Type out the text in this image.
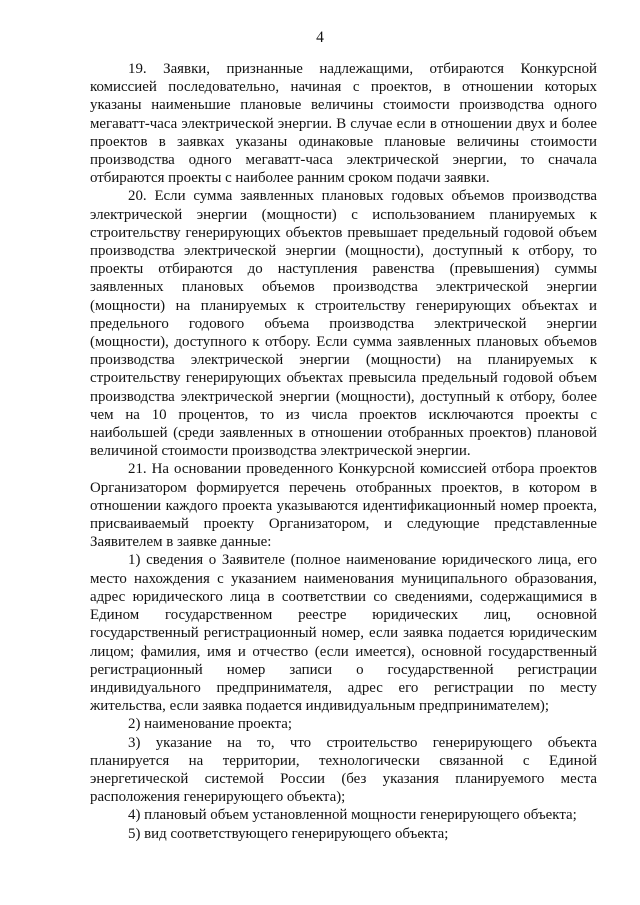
4

19. Заявки, признанные надлежащими, отбираются Конкурсной комиссией последовательно, начиная с проектов, в отношении которых указаны наименьшие плановые величины стоимости производства одного мегаватт-часа электрической энергии. В случае если в отношении двух и более проектов в заявках указаны одинаковые плановые величины стоимости производства одного мегаватт-часа электрической энергии, то сначала отбираются проекты с наиболее ранним сроком подачи заявки.

20. Если сумма заявленных плановых годовых объемов производства электрической энергии (мощности) с использованием планируемых к строительству генерирующих объектов превышает предельный годовой объем производства электрической энергии (мощности), доступный к отбору, то проекты отбираются до наступления равенства (превышения) суммы заявленных плановых объемов производства электрической энергии (мощности) на планируемых к строительству генерирующих объектах и предельного годового объема производства электрической энергии (мощности), доступного к отбору. Если сумма заявленных плановых объемов производства электрической энергии (мощности) на планируемых к строительству генерирующих объектах превысила предельный годовой объем производства электрической энергии (мощности), доступный к отбору, более чем на 10 процентов, то из числа проектов исключаются проекты с наибольшей (среди заявленных в отношении отобранных проектов) плановой величиной стоимости производства электрической энергии.

21. На основании проведенного Конкурсной комиссией отбора проектов Организатором формируется перечень отобранных проектов, в котором в отношении каждого проекта указываются идентификационный номер проекта, присваиваемый проекту Организатором, и следующие представленные Заявителем в заявке данные:

1) сведения о Заявителе (полное наименование юридического лица, его место нахождения с указанием наименования муниципального образования, адрес юридического лица в соответствии со сведениями, содержащимися в Едином государственном реестре юридических лиц, основной государственный регистрационный номер, если заявка подается юридическим лицом; фамилия, имя и отчество (если имеется), основной государственный регистрационный номер записи о государственной регистрации индивидуального предпринимателя, адрес его регистрации по месту жительства, если заявка подается индивидуальным предпринимателем);

2) наименование проекта;

3) указание на то, что строительство генерирующего объекта планируется на территории, технологически связанной с Единой энергетической системой России (без указания планируемого места расположения генерирующего объекта);

4) плановый объем установленной мощности генерирующего объекта;

5) вид соответствующего генерирующего объекта;
